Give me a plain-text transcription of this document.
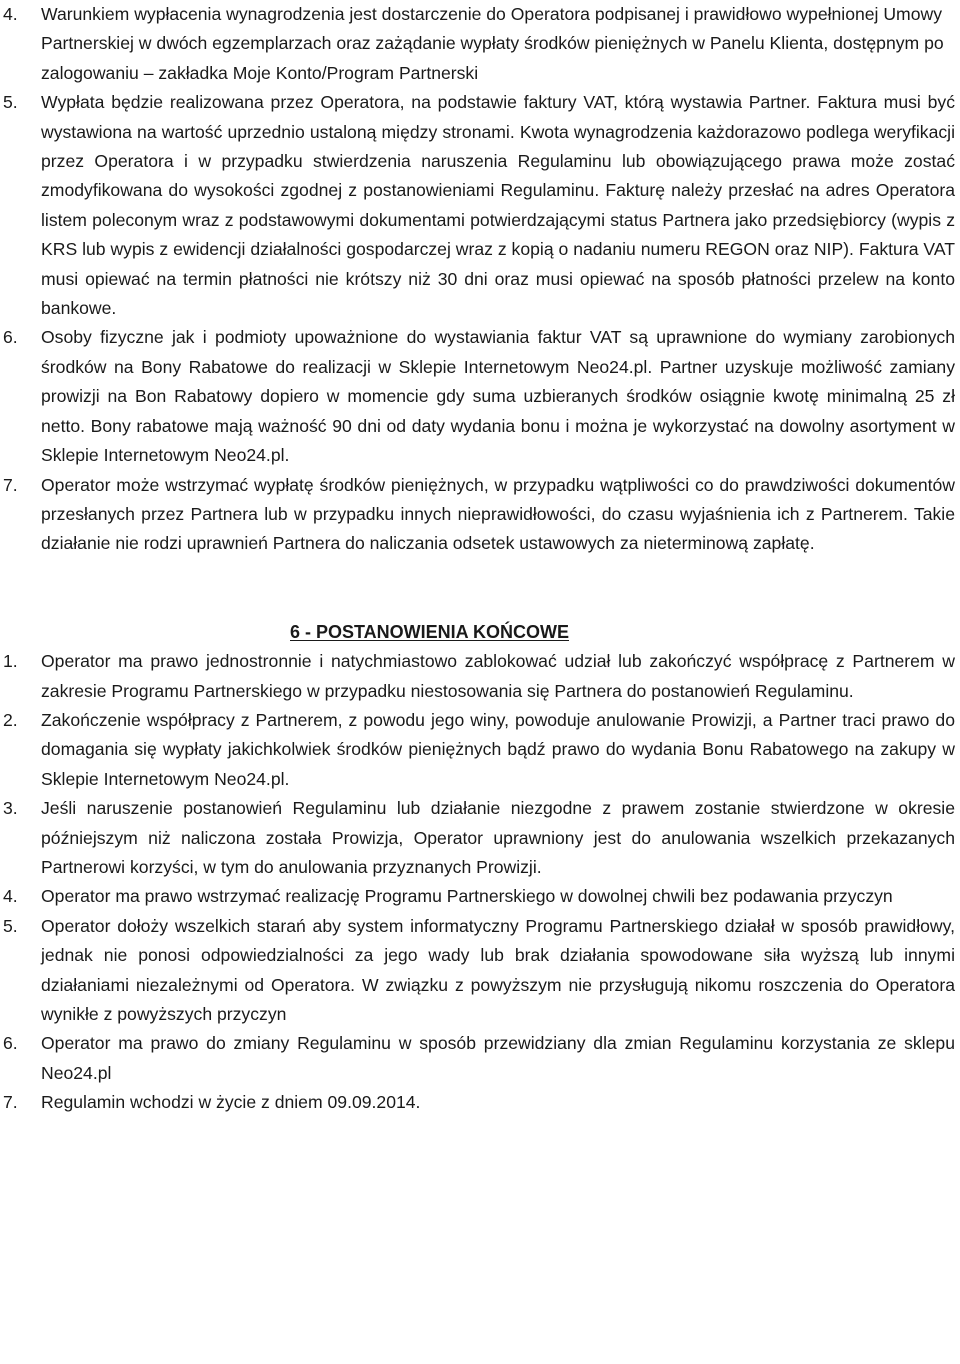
4. Warunkiem wypłacenia wynagrodzenia jest dostarczenie do Operatora podpisanej i prawidłowo wypełnionej Umowy Partnerskiej w dwóch egzemplarzach oraz zażądanie wypłaty środków pieniężnych w Panelu Klienta, dostępnym po zalogowaniu – zakładka Moje Konto/Program Partnerski
5. Wypłata będzie realizowana przez Operatora, na podstawie faktury VAT, którą wystawia Partner. Faktura musi być wystawiona na wartość uprzednio ustaloną między stronami. Kwota wynagrodzenia każdorazowo podlega weryfikacji przez Operatora i w przypadku stwierdzenia naruszenia Regulaminu lub obowiązującego prawa może zostać zmodyfikowana do wysokości zgodnej z postanowieniami Regulaminu. Fakturę należy przesłać na adres Operatora listem poleconym wraz z podstawowymi dokumentami potwierdzającymi status Partnera jako przedsiębiorcy (wypis z KRS lub wypis z ewidencji działalności gospodarczej wraz z kopią o nadaniu numeru REGON oraz NIP). Faktura VAT musi opiewać na termin płatności nie krótszy niż 30 dni oraz musi opiewać na sposób płatności przelew na konto bankowe.
6. Osoby fizyczne jak i podmioty upoważnione do wystawiania faktur VAT są uprawnione do wymiany zarobionych środków na Bony Rabatowe do realizacji w Sklepie Internetowym Neo24.pl. Partner uzyskuje możliwość zamiany prowizji na Bon Rabatowy dopiero w momencie gdy suma uzbieranych środków osiągnie kwotę minimalną 25 zł netto. Bony rabatowe mają ważność 90 dni od daty wydania bonu i można je wykorzystać na dowolny asortyment w Sklepie Internetowym Neo24.pl.
7. Operator może wstrzymać wypłatę środków pieniężnych, w przypadku wątpliwości co do prawdziwości dokumentów przesłanych przez Partnera lub w przypadku innych nieprawidłowości, do czasu wyjaśnienia ich z Partnerem. Takie działanie nie rodzi uprawnień Partnera do naliczania odsetek ustawowych za nieterminową zapłatę.
6 - POSTANOWIENIA KOŃCOWE
1. Operator ma prawo jednostronnie i natychmiastowo zablokować udział lub zakończyć współpracę z Partnerem w zakresie Programu Partnerskiego w przypadku niestosowania się Partnera do postanowień Regulaminu.
2. Zakończenie współpracy z Partnerem, z powodu jego winy, powoduje anulowanie Prowizji, a Partner traci prawo do domagania się wypłaty jakichkolwiek środków pieniężnych bądź prawo do wydania Bonu Rabatowego na zakupy w Sklepie Internetowym Neo24.pl.
3. Jeśli naruszenie postanowień Regulaminu lub działanie niezgodne z prawem zostanie stwierdzone w okresie późniejszym niż naliczona została Prowizja, Operator uprawniony jest do anulowania wszelkich przekazanych Partnerowi korzyści, w tym do anulowania przyznanych Prowizji.
4. Operator ma prawo wstrzymać realizację Programu Partnerskiego w dowolnej chwili bez podawania przyczyn
5. Operator dołoży wszelkich starań aby system informatyczny Programu Partnerskiego działał w sposób prawidłowy, jednak nie ponosi odpowiedzialności za jego wady lub brak działania spowodowane siła wyższą lub innymi działaniami niezależnymi od Operatora. W związku z powyższym nie przysługują nikomu roszczenia do Operatora wynikłe z powyższych przyczyn
6. Operator ma prawo do zmiany Regulaminu w sposób przewidziany dla zmian Regulaminu korzystania ze sklepu Neo24.pl
7. Regulamin wchodzi w życie z dniem 09.09.2014.
